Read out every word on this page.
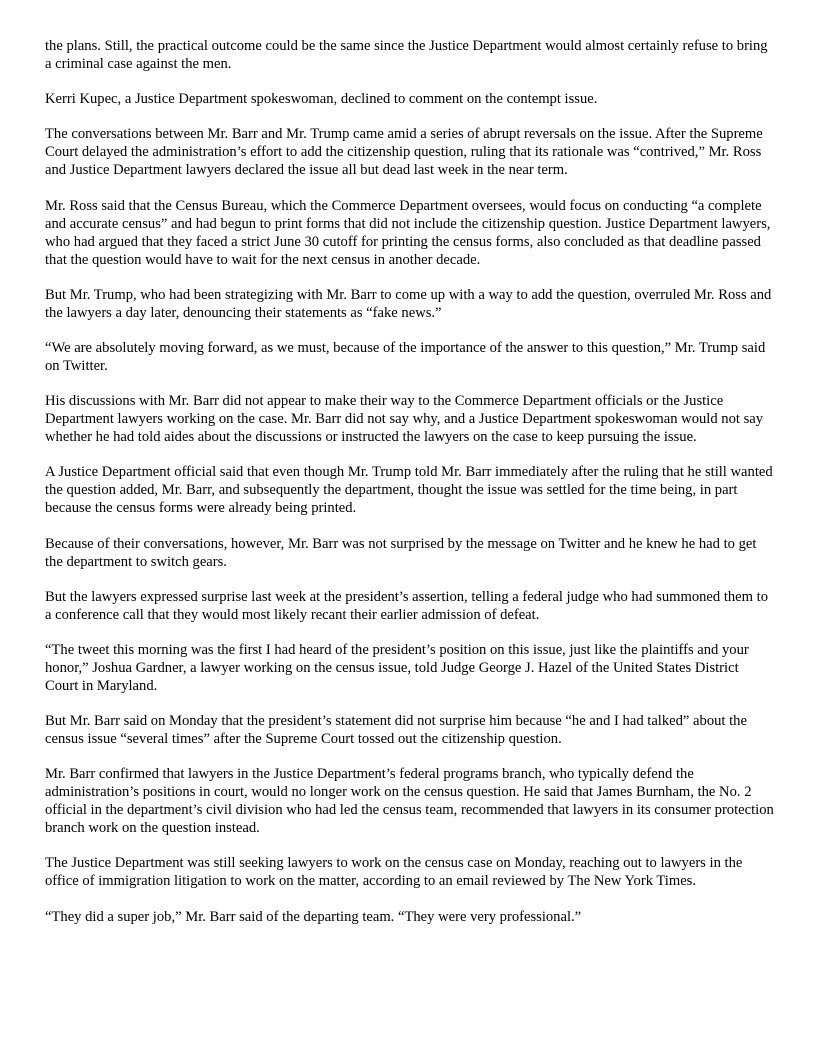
the plans. Still, the practical outcome could be the same since the Justice Department would almost certainly refuse to bring a criminal case against the men.

Kerri Kupec, a Justice Department spokeswoman, declined to comment on the contempt issue.

The conversations between Mr. Barr and Mr. Trump came amid a series of abrupt reversals on the issue. After the Supreme Court delayed the administration’s effort to add the citizenship question, ruling that its rationale was “contrived,” Mr. Ross and Justice Department lawyers declared the issue all but dead last week in the near term.

Mr. Ross said that the Census Bureau, which the Commerce Department oversees, would focus on conducting “a complete and accurate census” and had begun to print forms that did not include the citizenship question. Justice Department lawyers, who had argued that they faced a strict June 30 cutoff for printing the census forms, also concluded as that deadline passed that the question would have to wait for the next census in another decade.

But Mr. Trump, who had been strategizing with Mr. Barr to come up with a way to add the question, overruled Mr. Ross and the lawyers a day later, denouncing their statements as “fake news.”

“We are absolutely moving forward, as we must, because of the importance of the answer to this question,” Mr. Trump said on Twitter.

His discussions with Mr. Barr did not appear to make their way to the Commerce Department officials or the Justice Department lawyers working on the case. Mr. Barr did not say why, and a Justice Department spokeswoman would not say whether he had told aides about the discussions or instructed the lawyers on the case to keep pursuing the issue.

A Justice Department official said that even though Mr. Trump told Mr. Barr immediately after the ruling that he still wanted the question added, Mr. Barr, and subsequently the department, thought the issue was settled for the time being, in part because the census forms were already being printed.

Because of their conversations, however, Mr. Barr was not surprised by the message on Twitter and he knew he had to get the department to switch gears.

But the lawyers expressed surprise last week at the president’s assertion, telling a federal judge who had summoned them to a conference call that they would most likely recant their earlier admission of defeat.

“The tweet this morning was the first I had heard of the president’s position on this issue, just like the plaintiffs and your honor,” Joshua Gardner, a lawyer working on the census issue, told Judge George J. Hazel of the United States District Court in Maryland.

But Mr. Barr said on Monday that the president’s statement did not surprise him because “he and I had talked” about the census issue “several times” after the Supreme Court tossed out the citizenship question.

Mr. Barr confirmed that lawyers in the Justice Department’s federal programs branch, who typically defend the administration’s positions in court, would no longer work on the census question. He said that James Burnham, the No. 2 official in the department’s civil division who had led the census team, recommended that lawyers in its consumer protection branch work on the question instead.

The Justice Department was still seeking lawyers to work on the census case on Monday, reaching out to lawyers in the office of immigration litigation to work on the matter, according to an email reviewed by The New York Times.

“They did a super job,” Mr. Barr said of the departing team. “They were very professional.”
